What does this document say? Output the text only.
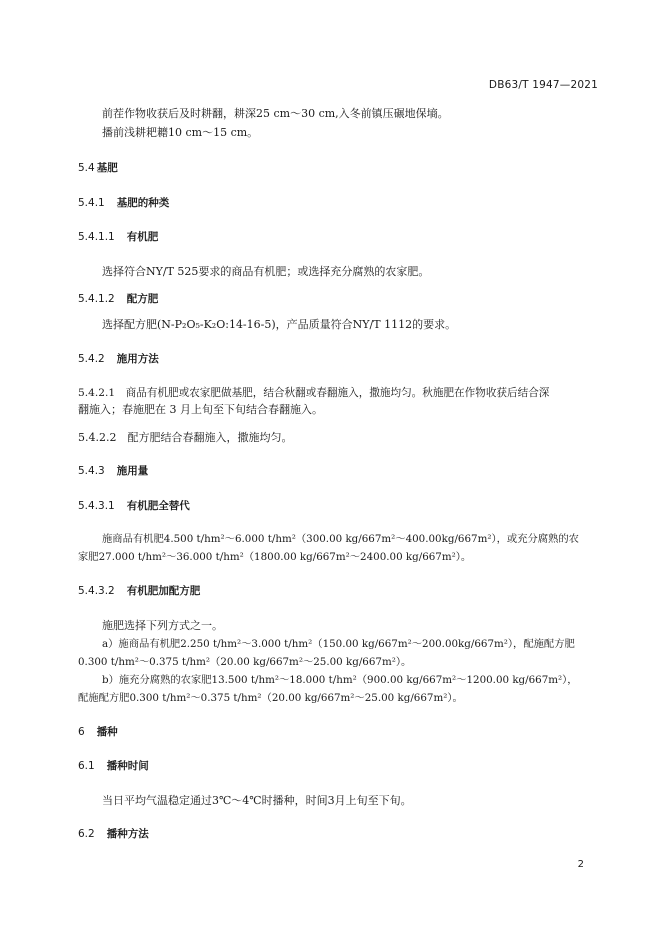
DB63/T 1947—2021
前茬作物收获后及时耕翻，耕深25 cm～30 cm,入冬前镇压碾地保墒。
播前浅耕耙耱10 cm～15 cm。
5.4 基肥
5.4.1 基肥的种类
5.4.1.1 有机肥
选择符合NY/T 525要求的商品有机肥；或选择充分腐熟的农家肥。
5.4.1.2 配方肥
选择配方肥(N-P₂O₅-K₂O:14-16-5)，产品质量符合NY/T 1112的要求。
5.4.2 施用方法
5.4.2.1　商品有机肥或农家肥做基肥，结合秋翻或春翻施入，撒施均匀。秋施肥在作物收获后结合深
翻施入；春施肥在 3 月上旬至下旬结合春翻施入。
5.4.2.2　配方肥结合春翻施入，撒施均匀。
5.4.3 施用量
5.4.3.1 有机肥全替代
施商品有机肥4.500 t/hm²～6.000 t/hm²（300.00 kg/667m²～400.00kg/667m²），或充分腐熟的农
家肥27.000 t/hm²～36.000 t/hm²（1800.00 kg/667m²～2400.00 kg/667m²）。
5.4.3.2 有机肥加配方肥
施肥选择下列方式之一。
a）施商品有机肥2.250 t/hm²～3.000 t/hm²（150.00 kg/667m²～200.00kg/667m²），配施配方肥
0.300 t/hm²～0.375 t/hm²（20.00 kg/667m²～25.00 kg/667m²）。
b）施充分腐熟的农家肥13.500 t/hm²～18.000 t/hm²（900.00 kg/667m²～1200.00 kg/667m²），
配施配方肥0.300 t/hm²～0.375 t/hm²（20.00 kg/667m²～25.00 kg/667m²）。
6 播种
6.1 播种时间
当日平均气温稳定通过3℃～4℃时播种，时间3月上旬至下旬。
6.2 播种方法
2
